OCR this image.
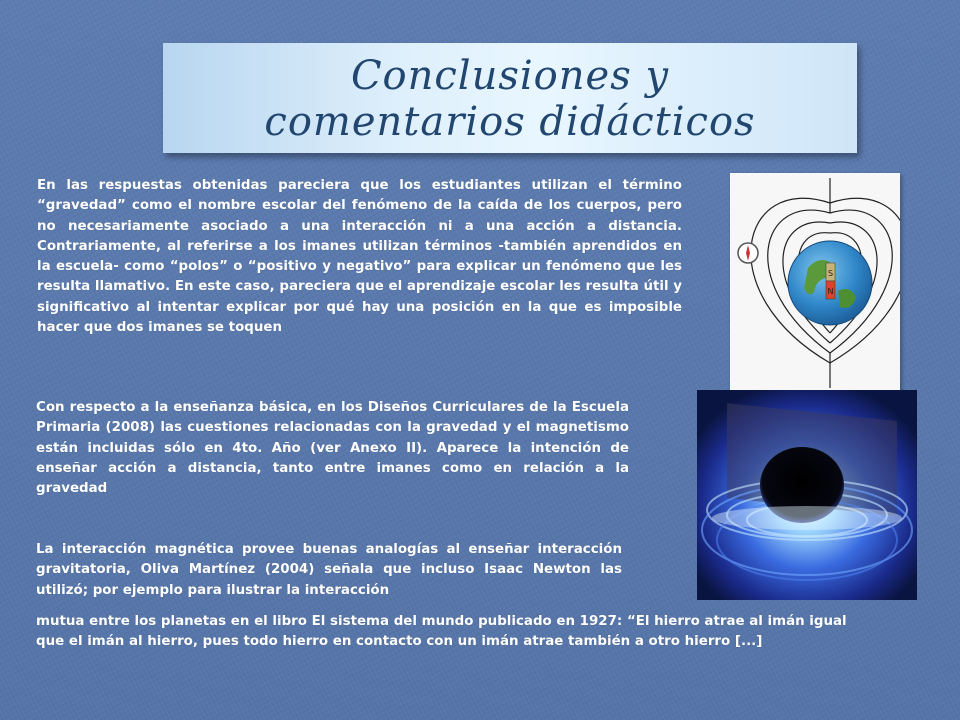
Conclusiones y
comentarios didácticos
En las respuestas obtenidas pareciera que los estudiantes utilizan el término “gravedad” como el nombre escolar del fenómeno de la caída de los cuerpos, pero no necesariamente asociado a una interacción ni a una acción a distancia. Contrariamente, al referirse a los imanes utilizan términos -también aprendidos en la escuela- como “polos” o “positivo y negativo” para explicar un fenómeno que les resulta llamativo. En este caso, pareciera que el aprendizaje escolar les resulta útil y significativo al intentar explicar por qué hay una posición en la que es imposible hacer que dos imanes se toquen
Con respecto a la enseñanza básica, en los Diseños Curriculares de la Escuela Primaria (2008) las cuestiones relacionadas con la gravedad y el magnetismo están incluidas sólo en 4to. Año (ver Anexo II). Aparece la intención de enseñar acción a distancia, tanto entre imanes como en relación a la gravedad
La interacción magnética provee buenas analogías al enseñar interacción gravitatoria, Oliva Martínez (2004) señala que incluso Isaac Newton las utilizó; por ejemplo para ilustrar la interacción
mutua entre los planetas en el libro El sistema del mundo publicado en 1927: “El hierro atrae al imán igual que el imán al hierro, pues todo hierro en contacto con un imán atrae también a otro hierro [...]
S
N
